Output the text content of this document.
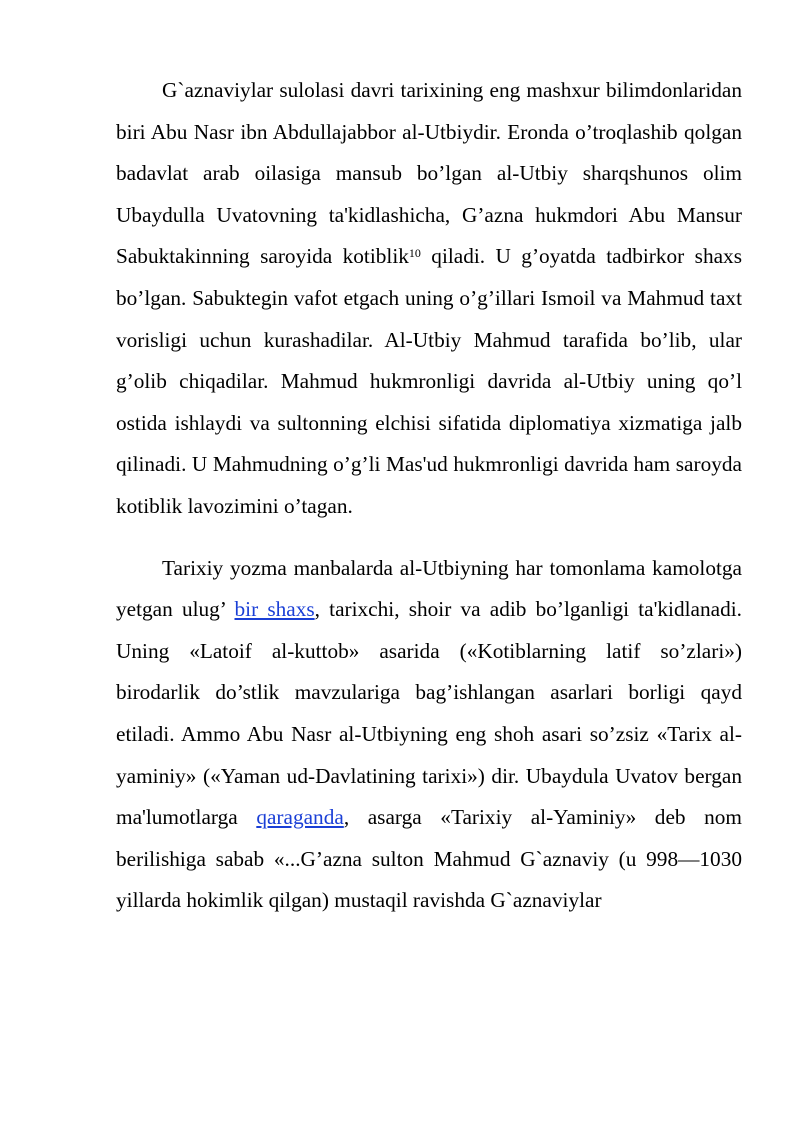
G`aznaviylar sulolasi davri tarixining eng mashxur bilimdonlaridan biri Abu Nasr ibn Abdullajabbor al-Utbiydir. Eronda o’troqlashib qolgan badavlat arab oilasiga mansub bo’lgan al-Utbiy sharqshunos olim Ubaydulla Uvatovning ta'kidlashicha, G’azna hukmdori Abu Mansur Sabuktakinning saroyida kotiblik$^{10}$ qiladi. U g’oyatda tadbirkor shaxs bo’lgan. Sabuktegin vafot etgach uning o’g’illari Ismoil va Mahmud taxt vorisligi uchun kurashadilar. Al-Utbiy Mahmud tarafida bo’lib, ular g’olib chiqadilar. Mahmud hukmronligi davrida al-Utbiy uning qo’l ostida ishlaydi va sultonning elchisi sifatida diplomatiya xizmatiga jalb qilinadi. U Mahmudning o’g’li Mas'ud hukmronligi davrida ham saroyda kotiblik lavozimini o’tagan.

Tarixiy yozma manbalarda al-Utbiyning har tomonlama kamolotga yetgan ulug’ bir shaxs, tarixchi, shoir va adib bo’lganligi ta'kidlanadi. Uning «Latoif al-kuttob» asarida («Kotiblarning latif so’zlari») birodarlik do’stlik mavzulariga bag’ishlangan asarlari borligi qayd etiladi. Ammo Abu Nasr al-Utbiyning eng shoh asari so’zsiz «Tarix al-yaminiy» («Yaman ud-Davlatining tarixi») dir. Ubaydula Uvatov bergan ma'lumotlarga qaraganda, asarga «Tarixiy al-Yaminiy» deb nom berilishiga sabab «...G’azna sulton Mahmud G`aznaviy (u 998—1030 yillarda hokimlik qilgan) mustaqil ravishda G`aznaviylar
